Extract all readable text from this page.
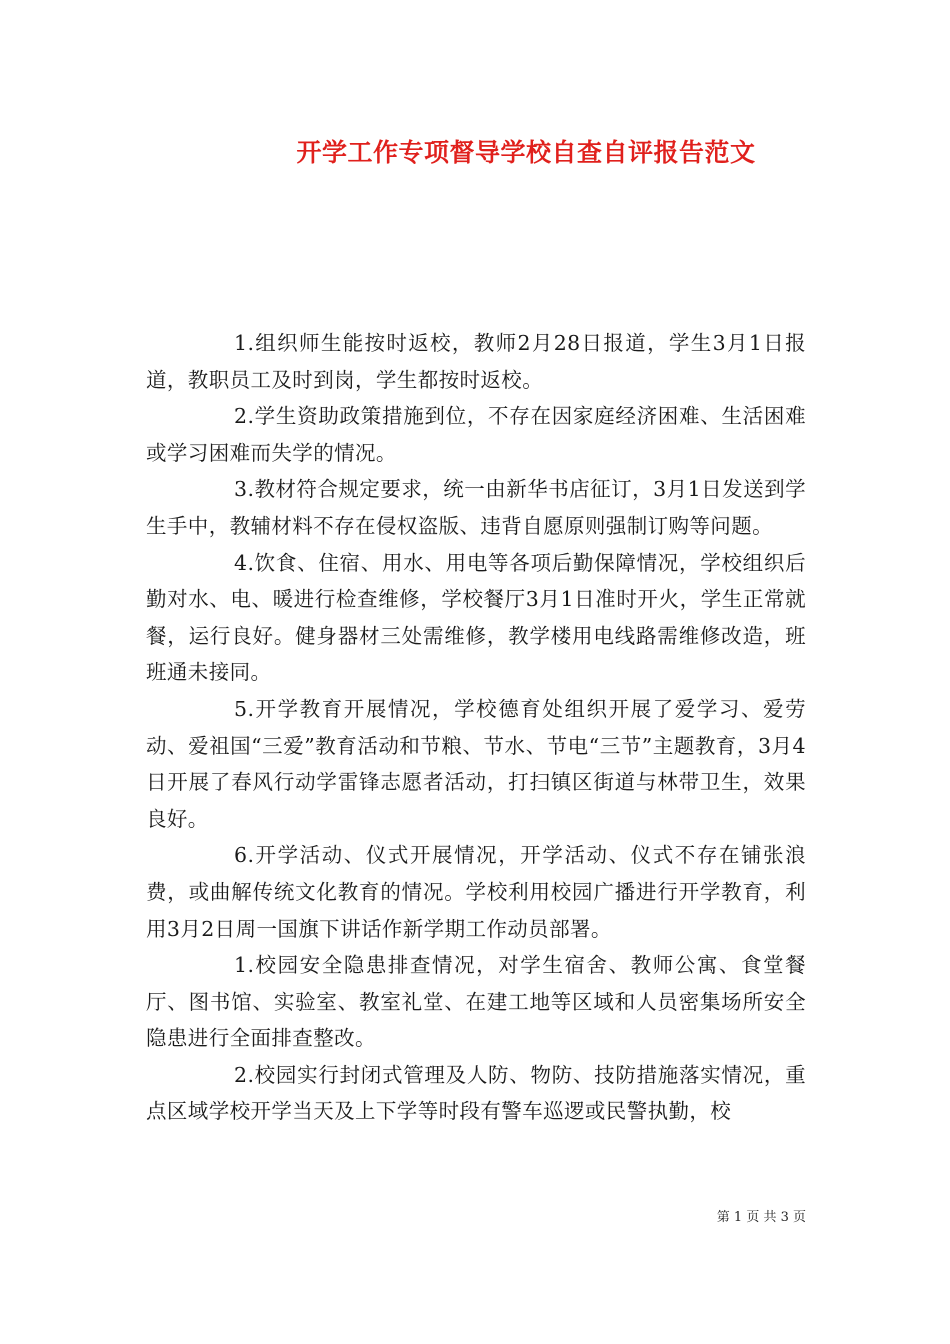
开学工作专项督导学校自查自评报告范文

1.组织师生能按时返校，教师2月28日报道，学生3月1日报道，教职员工及时到岗，学生都按时返校。

2.学生资助政策措施到位，不存在因家庭经济困难、生活困难或学习困难而失学的情况。

3.教材符合规定要求，统一由新华书店征订，3月1日发送到学生手中，教辅材料不存在侵权盗版、违背自愿原则强制订购等问题。

4.饮食、住宿、用水、用电等各项后勤保障情况，学校组织后勤对水、电、暖进行检查维修，学校餐厅3月1日准时开火，学生正常就餐，运行良好。健身器材三处需维修，教学楼用电线路需维修改造，班班通未接同。

5.开学教育开展情况，学校德育处组织开展了爱学习、爱劳动、爱祖国“三爱”教育活动和节粮、节水、节电“三节”主题教育，3月4日开展了春风行动学雷锋志愿者活动，打扫镇区街道与林带卫生，效果良好。

6.开学活动、仪式开展情况，开学活动、仪式不存在铺张浪费，或曲解传统文化教育的情况。学校利用校园广播进行开学教育，利用3月2日周一国旗下讲话作新学期工作动员部署。

1.校园安全隐患排查情况，对学生宿舍、教师公寓、食堂餐厅、图书馆、实验室、教室礼堂、在建工地等区域和人员密集场所安全隐患进行全面排查整改。

2.校园实行封闭式管理及人防、物防、技防措施落实情况，重点区域学校开学当天及上下学等时段有警车巡逻或民警执勤，校

第 1 页 共 3 页
